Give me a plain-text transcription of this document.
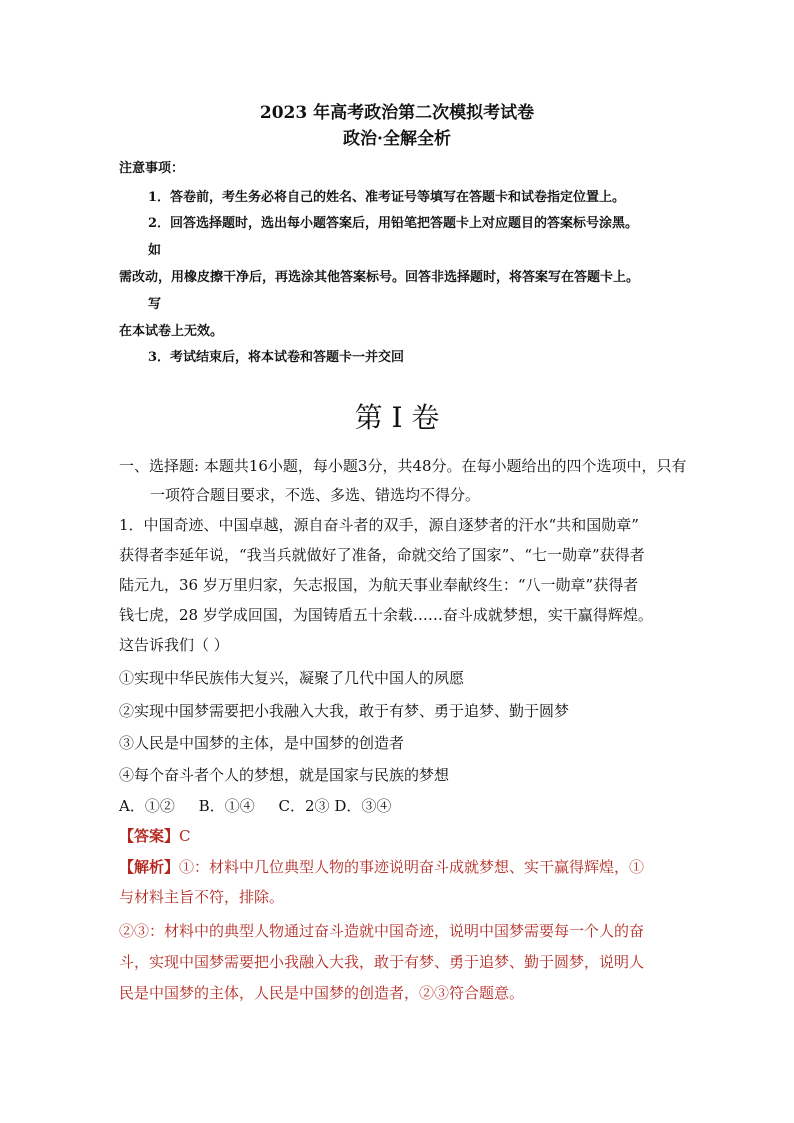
2023 年高考政治第二次模拟考试卷
政治·全解全析
注意事项：
1．答卷前，考生务必将自己的姓名、准考证号等填写在答题卡和试卷指定位置上。
2．回答选择题时，选出每小题答案后，用铅笔把答题卡上对应题目的答案标号涂黑。
如
需改动，用橡皮擦干净后，再选涂其他答案标号。回答非选择题时，将答案写在答题卡上。
写
在本试卷上无效。
3．考试结束后，将本试卷和答题卡一并交回
第 I 卷
一、选择题: 本题共16小题，每小题3分，共48分。在每小题给出的四个选项中，只有
一项符合题目要求，不选、多选、错选均不得分。
1．中国奇迹、中国卓越，源自奋斗者的双手，源自逐梦者的汗水“共和国勋章”
获得者李延年说，“我当兵就做好了准备，命就交给了国家”、“七一勋章”获得者
陆元九，36 岁万里归家，矢志报国，为航天事业奉献终生：“八一勋章”获得者
钱七虎，28 岁学成回国，为国铸盾五十余载……奋斗成就梦想，实干赢得辉煌。
这告诉我们（ ）
①实现中华民族伟大复兴，凝聚了几代中国人的夙愿
②实现中国梦需要把小我融入大我，敢于有梦、勇于追梦、勤于圆梦
③人民是中国梦的主体，是中国梦的创造者
④每个奋斗者个人的梦想，就是国家与民族的梦想
A．①②     B．①④     C．2③ D．③④
【答案】C
【解析】①：材料中几位典型人物的事迹说明奋斗成就梦想、实干赢得辉煌，①
与材料主旨不符，排除。
②③：材料中的典型人物通过奋斗造就中国奇迹，说明中国梦需要每一个人的奋
斗，实现中国梦需要把小我融入大我，敢于有梦、勇于追梦、勤于圆梦，说明人
民是中国梦的主体，人民是中国梦的创造者，②③符合题意。
